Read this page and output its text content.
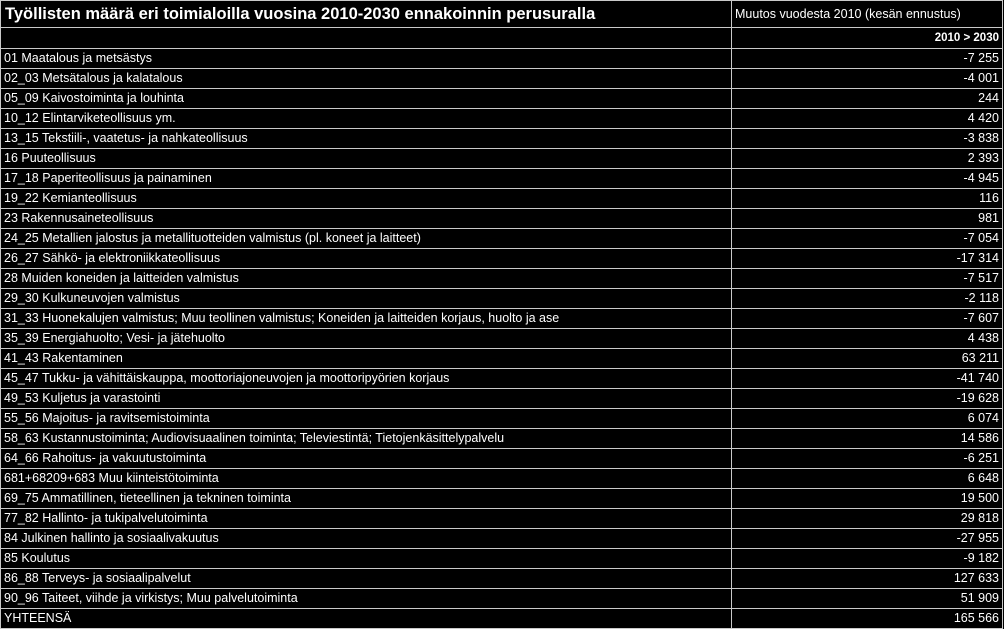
Työllisten määrä eri toimialoilla vuosina 2010-2030 ennakoinnin perusuralla	Muutos vuodesta 2010 (kesän ennustus)
	2010 > 2030
01 Maatalous ja metsästys	-7 255
02_03 Metsätalous ja kalatalous	-4 001
05_09 Kaivostoiminta ja louhinta	244
10_12 Elintarviketeollisuus ym.	4 420
13_15 Tekstiili-, vaatetus- ja nahkateollisuus	-3 838
16 Puuteollisuus	2 393
17_18 Paperiteollisuus ja painaminen	-4 945
19_22 Kemianteollisuus	116
23 Rakennusaineteollisuus	981
24_25 Metallien jalostus ja metallituotteiden valmistus (pl. koneet ja laitteet)	-7 054
26_27 Sähkö- ja elektroniikkateollisuus	-17 314
28 Muiden koneiden ja laitteiden valmistus	-7 517
29_30 Kulkuneuvojen valmistus	-2 118
31_33 Huonekalujen valmistus; Muu teollinen valmistus; Koneiden ja laitteiden korjaus, huolto ja ase	-7 607
35_39 Energiahuolto; Vesi- ja jätehuolto	4 438
41_43 Rakentaminen	63 211
45_47 Tukku- ja vähittäiskauppa, moottoriajoneuvojen ja moottoripyörien korjaus	-41 740
49_53 Kuljetus ja varastointi	-19 628
55_56 Majoitus- ja ravitsemistoiminta	6 074
58_63 Kustannustoiminta; Audiovisuaalinen toiminta; Televiestintä; Tietojenkäsittelypalvelu	14 586
64_66 Rahoitus- ja vakuutustoiminta	-6 251
681+68209+683 Muu kiinteistötoiminta	6 648
69_75 Ammatillinen, tieteellinen ja tekninen toiminta	19 500
77_82 Hallinto- ja tukipalvelutoiminta	29 818
84 Julkinen hallinto ja sosiaalivakuutus	-27 955
85 Koulutus	-9 182
86_88 Terveys- ja sosiaalipalvelut	127 633
90_96 Taiteet, viihde ja virkistys; Muu palvelutoiminta	51 909
YHTEENSÄ	165 566
